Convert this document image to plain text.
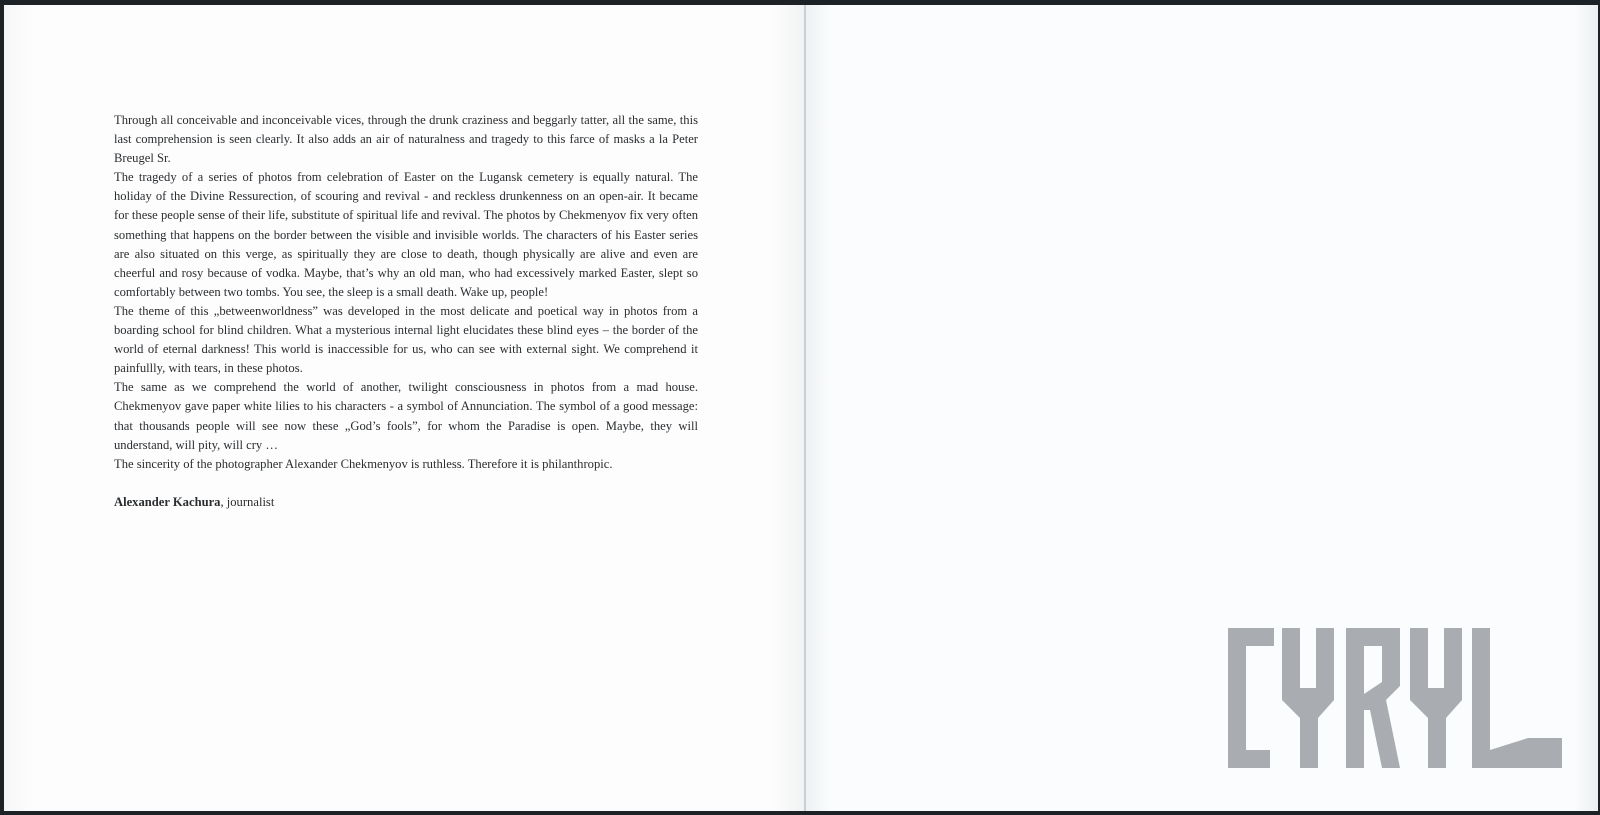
Through all conceivable and inconceivable vices, through the drunk craziness and beggarly tatter, all the same, this last comprehension is seen clearly. It also adds an air of naturalness and tragedy to this farce of masks a la Peter Breugel Sr.

The tragedy of a series of photos from celebration of Easter on the Lugansk cemetery is equally natural. The holiday of the Divine Ressurection, of scouring and revival - and reckless drunkenness on an open-air. It became for these people sense of their life, substitute of spiritual life and revival. The photos by Chekmenyov fix very often something that happens on the border between the visible and invisible worlds. The characters of his Easter series are also situated on this verge, as spiritually they are close to death, though physically are alive and even are cheerful and rosy because of vodka. Maybe, that’s why an old man, who had excessively marked Easter, slept so comfortably between two tombs. You see, the sleep is a small death. Wake up, people!

The theme of this „betweenworldness” was developed in the most delicate and poetical way in photos from a boarding school for blind children. What a mysterious internal light elucidates these blind eyes – the border of the world of eternal darkness! This world is inaccessible for us, who can see with external sight. We comprehend it painfullly, with tears, in these photos.

The same as we comprehend the world of another, twilight consciousness in photos from a mad house. Chekmenyov gave paper white lilies to his characters - a symbol of Annunciation. The symbol of a good message: that thousands people will see now these „God’s fools”, for whom the Paradise is open. Maybe, they will understand, will pity, will cry …

The sincerity of the photographer Alexander Chekmenyov is ruthless. Therefore it is philanthropic.

Alexander Kachura, journalist
